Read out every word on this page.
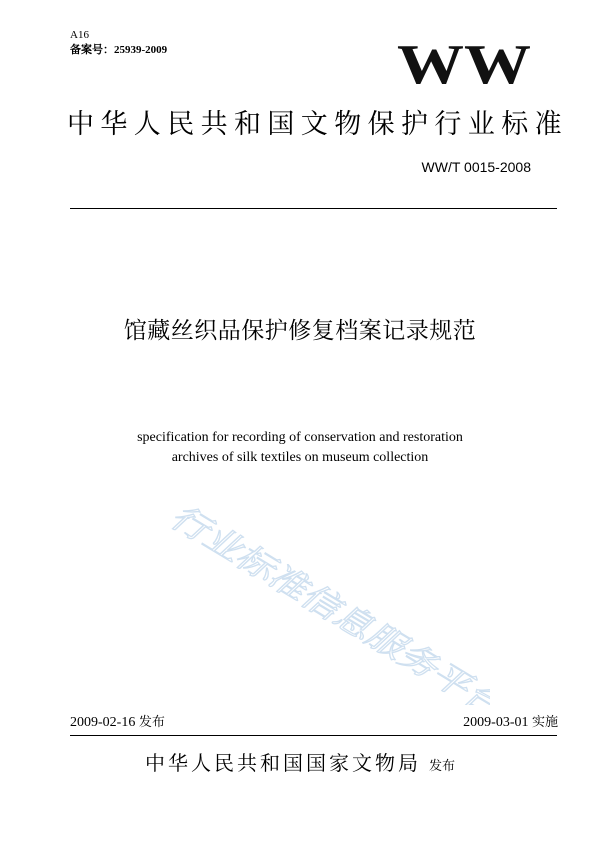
A16
备案号：25939-2009	WW
中华人民共和国文物保护行业标准
WW/T 0015-2008
馆藏丝织品保护修复档案记录规范
specification for recording of conservation and restoration
archives of silk textiles on museum collection
行业标准信息服务平台
2009-02-16 发布	2009-03-01 实施
中华人民共和国国家文物局 发布
